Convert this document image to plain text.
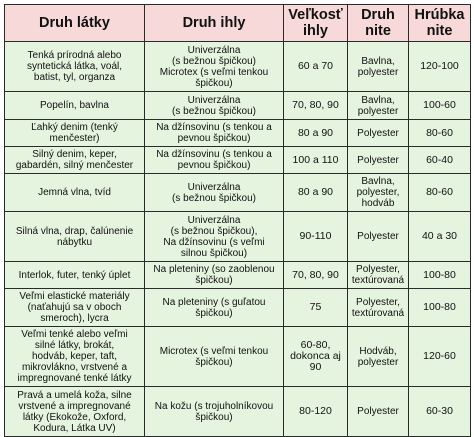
Druh látky	Druh ihly	Veľkosť
ihly	Druh
nite	Hrúbka
nite
Tenká prírodná alebo
syntetická látka, voál,
batist, tyl, organza	Univerzálna
(s bežnou špičkou)
Microtex (s veľmi tenkou
špičkou)	60 a 70	Bavlna,
polyester	120-100
Popelín, bavlna	Univerzálna
(s bežnou špičkou)	70, 80, 90	Bavlna,
polyester	100-60
Ľahký denim (tenký
menčester)	Na džínsovinu (s tenkou a
pevnou špičkou)	80 a 90	Polyester	80-60
Silný denim, keper,
gabardén, silný menčester	Na džínsovinu (s tenkou a
pevnou špičkou)	100 a 110	Polyester	60-40
Jemná vlna, tvíd	Univerzálna
(s bežnou špičkou)	80 a 90	Bavlna,
polyester,
hodváb	80-60
Silná vlna, drap, čalúnenie
nábytku	Univerzálna
(s bežnou špičkou),
Na džínsovinu (s veľmi
silnou špičkou)	90-110	Polyester	40 a 30
Interlok, futer, tenký úplet	Na pleteniny (so zaoblenou
špičkou)	70, 80, 90	Polyester,
textúrovaná	100-80
Veľmi elastické materiály
(naťahujú sa v oboch
smeroch), lycra	Na pleteniny (s guľatou
špičkou)	75	Polyester,
textúrovaná	100-80
Veľmi tenké alebo veľmi
silné látky, brokát,
hodváb, keper, taft,
mikrovlákno, vrstvené a
impregnované tenké látky	Microtex (s veľmi tenkou
špičkou)	60-80,
dokonca aj
90	Hodváb,
polyester	120-60
Pravá a umelá koža, silne
vrstvené a impregnované
látky (Ekokože, Oxford,
Kodura, Látka UV)	Na kožu (s trojuholníkovou
špičkou)	80-120	Polyester	60-30
